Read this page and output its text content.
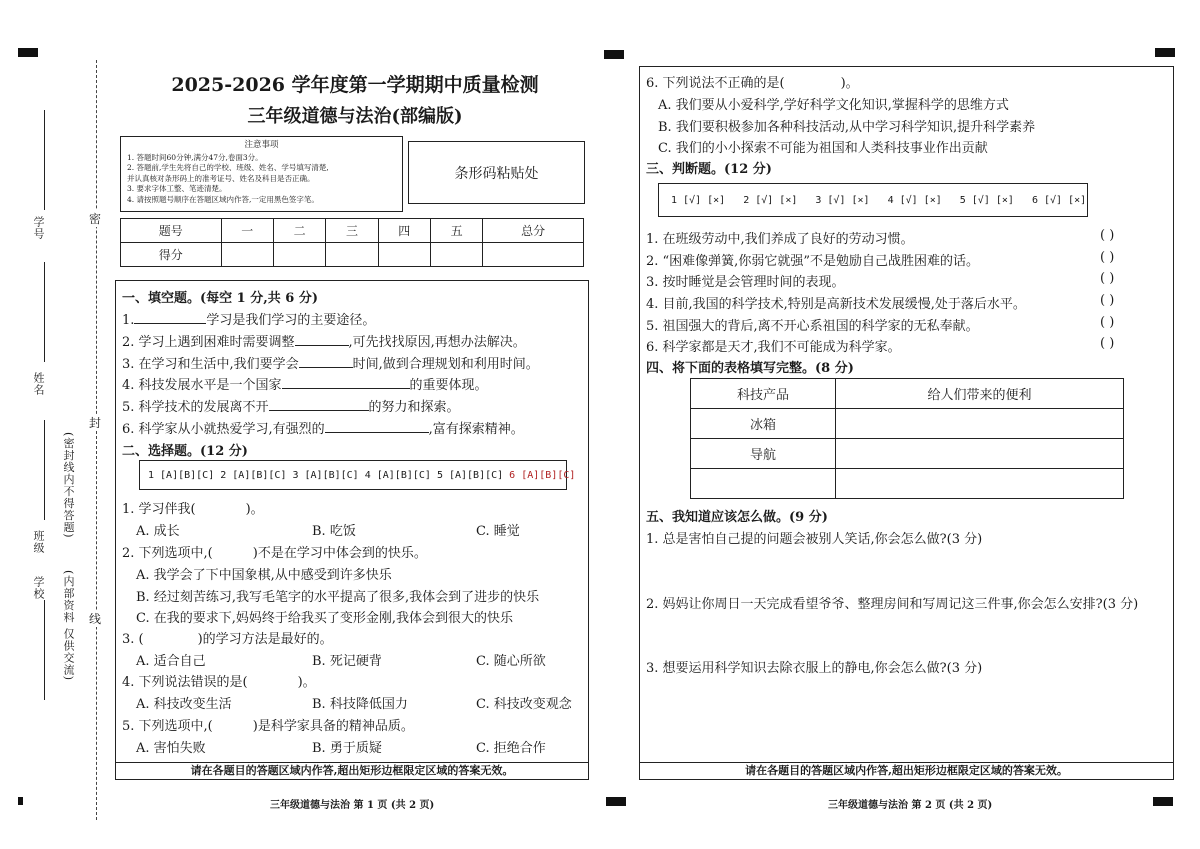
学号
姓名
班级
学校
(密封线内不得答题)
(内部资料 仅供交流)
密
封
线
2025-2026 学年度第一学期期中质量检测
三年级道德与法治(部编版)
注意事项
1. 答题时间60分钟,满分47分,卷面3分。
2. 答题前,学生先将自己的学校、班级、姓名、学号填写清楚,
并认真核对条形码上的准考证号、姓名及科目是否正确。
3. 要求字体工整、笔迹清楚。
4. 请按照题号顺序在答题区域内作答,一定用黑色签字笔。
条形码粘贴处
题号	一	二	三	四	五	总分
得分						
一、填空题。(每空 1 分,共 6 分)
1.	学习是我们学习的主要途径。
2. 学习上遇到困难时需要调整	,可先找找原因,再想办法解决。
3. 在学习和生活中,我们要学会	时间,做到合理规划和利用时间。
4. 科技发展水平是一个国家	的重要体现。
5. 科学技术的发展离不开	的努力和探索。
6. 科学家从小就热爱学习,有强烈的	,富有探索精神。
二、选择题。(12 分)
1 [A][B][C] 2 [A][B][C] 3 [A][B][C] 4 [A][B][C] 5 [A][B][C] 6 [A][B][C]
1. 学习伴我(	)。
A. 成长	B. 吃饭	C. 睡觉
2. 下列选项中,(	)不是在学习中体会到的快乐。
A. 我学会了下中国象棋,从中感受到许多快乐
B. 经过刻苦练习,我写毛笔字的水平提高了很多,我体会到了进步的快乐
C. 在我的要求下,妈妈终于给我买了变形金刚,我体会到很大的快乐
3. (	)的学习方法是最好的。
A. 适合自己	B. 死记硬背	C. 随心所欲
4. 下列说法错误的是(	)。
A. 科技改变生活	B. 科技降低国力	C. 科技改变观念
5. 下列选项中,(	)是科学家具备的精神品质。
A. 害怕失败	B. 勇于质疑	C. 拒绝合作
请在各题目的答题区域内作答,超出矩形边框限定区域的答案无效。
三年级道德与法治 第 1 页 (共 2 页)
6. 下列说法不正确的是(	)。
A. 我们要从小爱科学,学好科学文化知识,掌握科学的思维方式
B. 我们要积极参加各种科技活动,从中学习科学知识,提升科学素养
C. 我们的小小探索不可能为祖国和人类科技事业作出贡献
三、判断题。(12 分)
1 [√] [×] 2 [√] [×] 3 [√] [×] 4 [√] [×] 5 [√] [×] 6 [√] [×]
1. 在班级劳动中,我们养成了良好的劳动习惯。	( )
2. “困难像弹簧,你弱它就强”不是勉励自己战胜困难的话。	( )
3. 按时睡觉是会管理时间的表现。	( )
4. 目前,我国的科学技术,特别是高新技术发展缓慢,处于落后水平。	( )
5. 祖国强大的背后,离不开心系祖国的科学家的无私奉献。	( )
6. 科学家都是天才,我们不可能成为科学家。	( )
四、将下面的表格填写完整。(8 分)
科技产品	给人们带来的便利
冰箱	
导航	

五、我知道应该怎么做。(9 分)
1. 总是害怕自己提的问题会被别人笑话,你会怎么做?(3 分)
2. 妈妈让你周日一天完成看望爷爷、整理房间和写周记这三件事,你会怎么安排?(3 分)
3. 想要运用科学知识去除衣服上的静电,你会怎么做?(3 分)
请在各题目的答题区域内作答,超出矩形边框限定区域的答案无效。
三年级道德与法治 第 2 页 (共 2 页)
